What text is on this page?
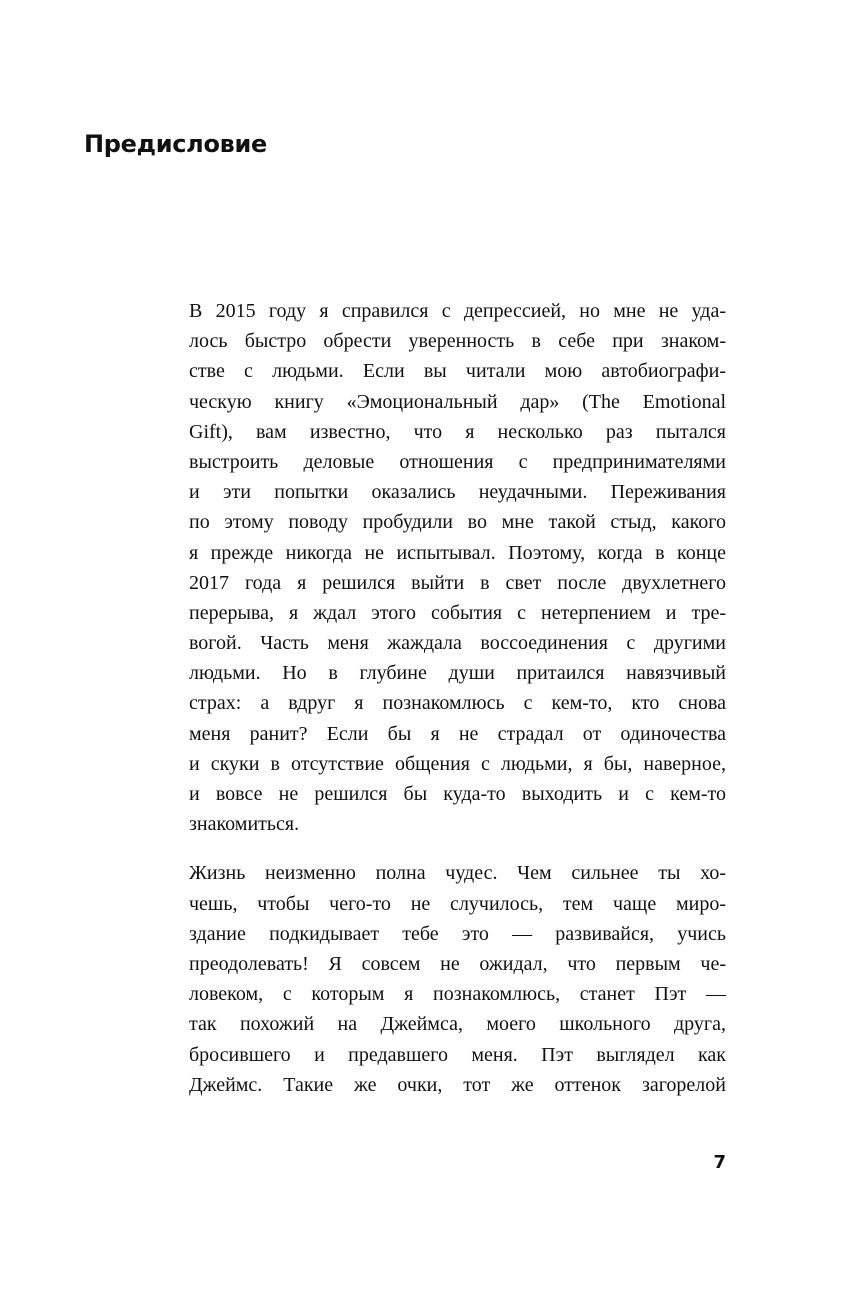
Предисловие

В 2015 году я справился с депрессией, но мне не уда-
лось быстро обрести уверенность в себе при знаком-
стве с людьми. Если вы читали мою автобиографи-
ческую книгу «Эмоциональный дар» (The Emotional
Gift), вам известно, что я несколько раз пытался
выстроить деловые отношения с предпринимателями
и эти попытки оказались неудачными. Переживания
по этому поводу пробудили во мне такой стыд, какого
я прежде никогда не испытывал. Поэтому, когда в конце
2017 года я решился выйти в свет после двухлетнего
перерыва, я ждал этого события с нетерпением и тре-
вогой. Часть меня жаждала воссоединения с другими
людьми. Но в глубине души притаился навязчивый
страх: а вдруг я познакомлюсь с кем-то, кто снова
меня ранит? Если бы я не страдал от одиночества
и скуки в отсутствие общения с людьми, я бы, наверное,
и вовсе не решился бы куда-то выходить и с кем-то
знакомиться.

Жизнь неизменно полна чудес. Чем сильнее ты хо-
чешь, чтобы чего-то не случилось, тем чаще миро-
здание подкидывает тебе это — развивайся, учись
преодолевать! Я совсем не ожидал, что первым че-
ловеком, с которым я познакомлюсь, станет Пэт —
так похожий на Джеймса, моего школьного друга,
бросившего и предавшего меня. Пэт выглядел как
Джеймс. Такие же очки, тот же оттенок загорелой

7
